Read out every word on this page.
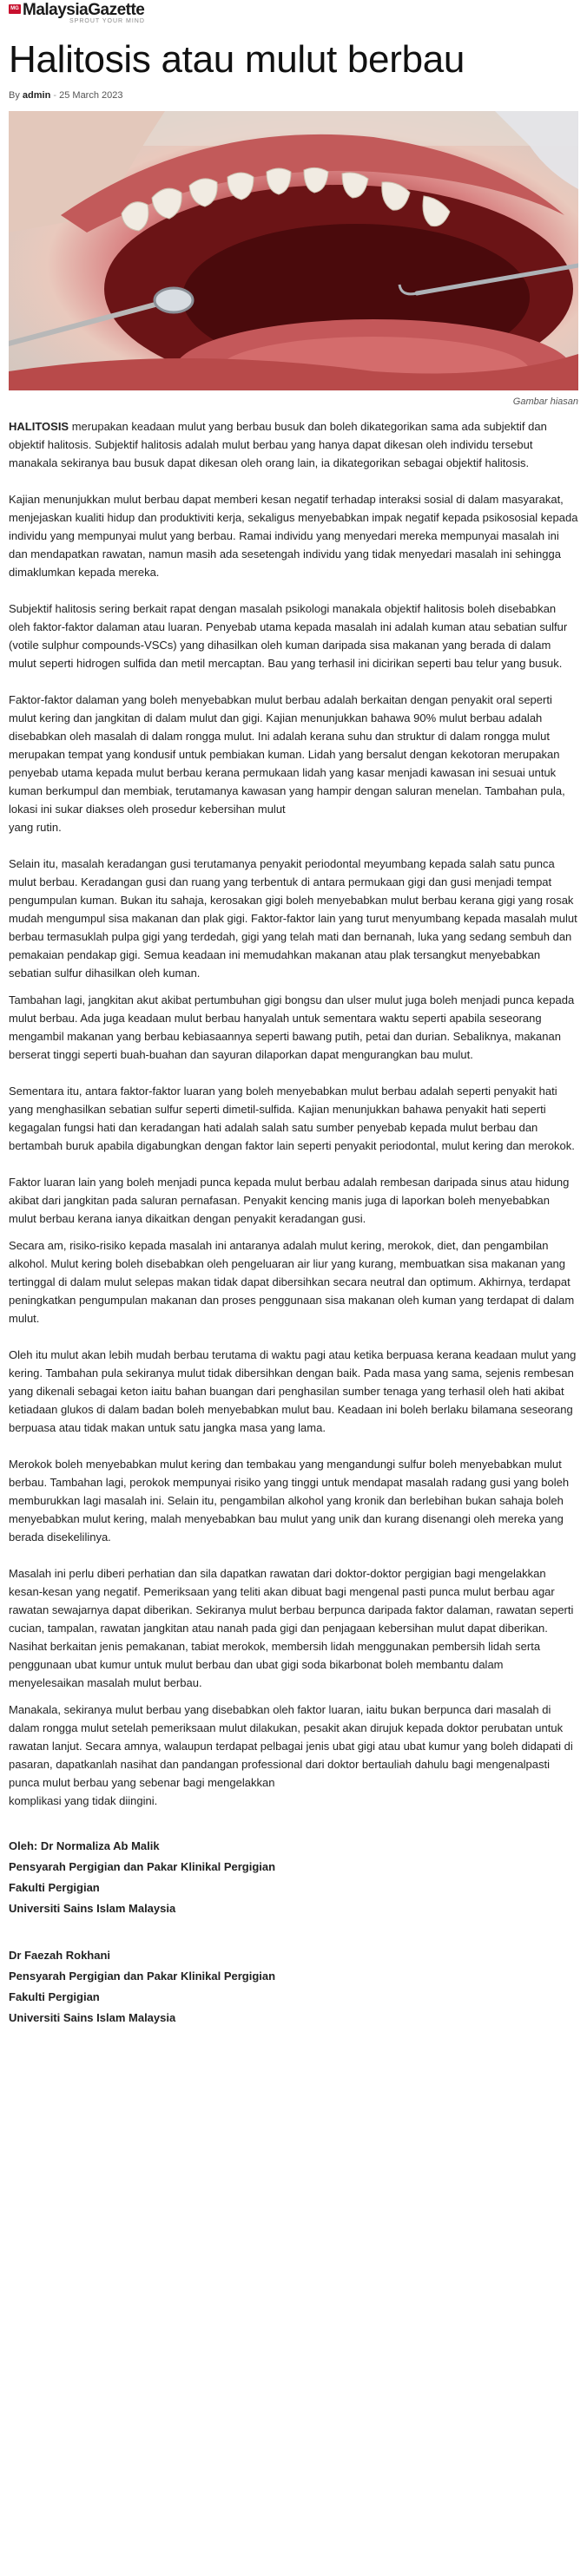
MG MalaysiaGazette
SPROUT YOUR MIND
Halitosis atau mulut berbau
By admin - 25 March 2023
Gambar hiasan

HALITOSIS merupakan keadaan mulut yang berbau busuk dan boleh dikategorikan sama ada subjektif dan objektif halitosis. Subjektif halitosis adalah mulut berbau yang hanya dapat dikesan oleh individu tersebut manakala sekiranya bau busuk dapat dikesan oleh orang lain, ia dikategorikan sebagai objektif halitosis.

Kajian menunjukkan mulut berbau dapat memberi kesan negatif terhadap interaksi sosial di dalam masyarakat, menjejaskan kualiti hidup dan produktiviti kerja, sekaligus menyebabkan impak negatif kepada psikososial kepada individu yang mempunyai mulut yang berbau. Ramai individu yang menyedari mereka mempunyai masalah ini dan mendapatkan rawatan, namun masih ada sesetengah individu yang tidak menyedari masalah ini sehingga dimaklumkan kepada mereka.

Subjektif halitosis sering berkait rapat dengan masalah psikologi manakala objektif halitosis boleh disebabkan oleh faktor-faktor dalaman atau luaran. Penyebab utama kepada masalah ini adalah kuman atau sebatian sulfur (votile sulphur compounds-VSCs) yang dihasilkan oleh kuman daripada sisa makanan yang berada di dalam mulut seperti hidrogen sulfida dan metil mercaptan. Bau yang terhasil ini dicirikan seperti bau telur yang busuk.

Faktor-faktor dalaman yang boleh menyebabkan mulut berbau adalah berkaitan dengan penyakit oral seperti mulut kering dan jangkitan di dalam mulut dan gigi. Kajian menunjukkan bahawa 90% mulut berbau adalah disebabkan oleh masalah di dalam rongga mulut. Ini adalah kerana suhu dan struktur di dalam rongga mulut merupakan tempat yang kondusif untuk pembiakan kuman. Lidah yang bersalut dengan kekotoran merupakan penyebab utama kepada mulut berbau kerana permukaan lidah yang kasar menjadi kawasan ini sesuai untuk kuman berkumpul dan membiak, terutamanya kawasan yang hampir dengan saluran menelan. Tambahan pula, lokasi ini sukar diakses oleh prosedur kebersihan mulut
yang rutin.

Selain itu, masalah keradangan gusi terutamanya penyakit periodontal meyumbang kepada salah satu punca mulut berbau. Keradangan gusi dan ruang yang terbentuk di antara permukaan gigi dan gusi menjadi tempat pengumpulan kuman. Bukan itu sahaja, kerosakan gigi boleh menyebabkan mulut berbau kerana gigi yang rosak mudah mengumpul sisa makanan dan plak gigi. Faktor-faktor lain yang turut menyumbang kepada masalah mulut berbau termasuklah pulpa gigi yang terdedah, gigi yang telah mati dan bernanah, luka yang sedang sembuh dan pemakaian pendakap gigi. Semua keadaan ini memudahkan makanan atau plak tersangkut menyebabkan sebatian sulfur dihasilkan oleh kuman.

Tambahan lagi, jangkitan akut akibat pertumbuhan gigi bongsu dan ulser mulut juga boleh menjadi punca kepada mulut berbau. Ada juga keadaan mulut berbau hanyalah untuk sementara waktu seperti apabila seseorang mengambil makanan yang berbau kebiasaannya seperti bawang putih, petai dan durian. Sebaliknya, makanan berserat tinggi seperti buah-buahan dan sayuran dilaporkan dapat mengurangkan bau mulut.

Sementara itu, antara faktor-faktor luaran yang boleh menyebabkan mulut berbau adalah seperti penyakit hati yang menghasilkan sebatian sulfur seperti dimetil-sulfida. Kajian menunjukkan bahawa penyakit hati seperti kegagalan fungsi hati dan keradangan hati adalah salah satu sumber penyebab kepada mulut berbau dan bertambah buruk apabila digabungkan dengan faktor lain seperti penyakit periodontal, mulut kering dan merokok.

Faktor luaran lain yang boleh menjadi punca kepada mulut berbau adalah rembesan daripada sinus atau hidung akibat dari jangkitan pada saluran pernafasan. Penyakit kencing manis juga di laporkan boleh menyebabkan mulut berbau kerana ianya dikaitkan dengan penyakit keradangan gusi.

Secara am, risiko-risiko kepada masalah ini antaranya adalah mulut kering, merokok, diet, dan pengambilan alkohol. Mulut kering boleh disebabkan oleh pengeluaran air liur yang kurang, membuatkan sisa makanan yang tertinggal di dalam mulut selepas makan tidak dapat dibersihkan secara neutral dan optimum. Akhirnya, terdapat peningkatkan pengumpulan makanan dan proses penggunaan sisa makanan oleh kuman yang terdapat di dalam mulut.

Oleh itu mulut akan lebih mudah berbau terutama di waktu pagi atau ketika berpuasa kerana keadaan mulut yang kering. Tambahan pula sekiranya mulut tidak dibersihkan dengan baik. Pada masa yang sama, sejenis rembesan yang dikenali sebagai keton iaitu bahan buangan dari penghasilan sumber tenaga yang terhasil oleh hati akibat ketiadaan glukos di dalam badan boleh menyebabkan mulut bau. Keadaan ini boleh berlaku bilamana seseorang berpuasa atau tidak makan untuk satu jangka masa yang lama.

Merokok boleh menyebabkan mulut kering dan tembakau yang mengandungi sulfur boleh menyebabkan mulut berbau. Tambahan lagi, perokok mempunyai risiko yang tinggi untuk mendapat masalah radang gusi yang boleh memburukkan lagi masalah ini. Selain itu, pengambilan alkohol yang kronik dan berlebihan bukan sahaja boleh menyebabkan mulut kering, malah menyebabkan bau mulut yang unik dan kurang disenangi oleh mereka yang berada disekelilinya.

Masalah ini perlu diberi perhatian dan sila dapatkan rawatan dari doktor-doktor pergigian bagi mengelakkan kesan-kesan yang negatif. Pemeriksaan yang teliti akan dibuat bagi mengenal pasti punca mulut berbau agar rawatan sewajarnya dapat diberikan. Sekiranya mulut berbau berpunca daripada faktor dalaman, rawatan seperti cucian, tampalan, rawatan jangkitan atau nanah pada gigi dan penjagaan kebersihan mulut dapat diberikan. Nasihat berkaitan jenis pemakanan, tabiat merokok, membersih lidah menggunakan pembersih lidah serta penggunaan ubat kumur untuk mulut berbau dan ubat gigi soda bikarbonat boleh membantu dalam menyelesaikan masalah mulut berbau.

Manakala, sekiranya mulut berbau yang disebabkan oleh faktor luaran, iaitu bukan berpunca dari masalah di dalam rongga mulut setelah pemeriksaan mulut dilakukan, pesakit akan dirujuk kepada doktor perubatan untuk rawatan lanjut. Secara amnya, walaupun terdapat pelbagai jenis ubat gigi atau ubat kumur yang boleh didapati di pasaran, dapatkanlah nasihat dan pandangan professional dari doktor bertauliah dahulu bagi mengenalpasti punca mulut berbau yang sebenar bagi mengelakkan
komplikasi yang tidak diingini.

Oleh: Dr Normaliza Ab Malik
Pensyarah Pergigian dan Pakar Klinikal Pergigian
Fakulti Pergigian
Universiti Sains Islam Malaysia
Dr Faezah Rokhani
Pensyarah Pergigian dan Pakar Klinikal Pergigian
Fakulti Pergigian
Universiti Sains Islam Malaysia
